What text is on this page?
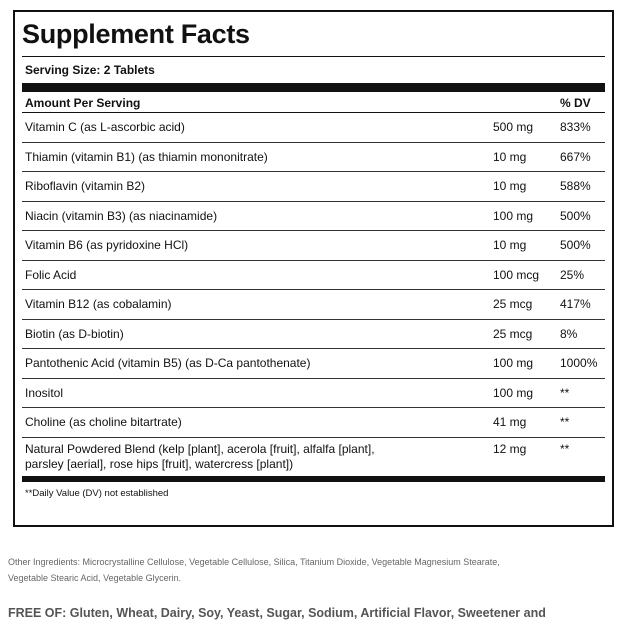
Supplement Facts
Serving Size: 2 Tablets
Amount Per Serving	% DV
Vitamin C (as L-ascorbic acid)	500 mg	833%
Thiamin (vitamin B1) (as thiamin mononitrate)	10 mg	667%
Riboflavin (vitamin B2)	10 mg	588%
Niacin (vitamin B3) (as niacinamide)	100 mg	500%
Vitamin B6 (as pyridoxine HCl)	10 mg	500%
Folic Acid	100 mcg	25%
Vitamin B12 (as cobalamin)	25 mcg	417%
Biotin (as D-biotin)	25 mcg	8%
Pantothenic Acid (vitamin B5) (as D-Ca pantothenate)	100 mg	1000%
Inositol	100 mg	**
Choline (as choline bitartrate)	41 mg	**
Natural Powdered Blend (kelp [plant], acerola [fruit], alfalfa [plant],
parsley [aerial], rose hips [fruit], watercress [plant])
12 mg	**
**Daily Value (DV) not established
Other Ingredients: Microcrystalline Cellulose, Vegetable Cellulose, Silica, Titanium Dioxide, Vegetable Magnesium Stearate,
Vegetable Stearic Acid, Vegetable Glycerin.
FREE OF: Gluten, Wheat, Dairy, Soy, Yeast, Sugar, Sodium, Artificial Flavor, Sweetener and
